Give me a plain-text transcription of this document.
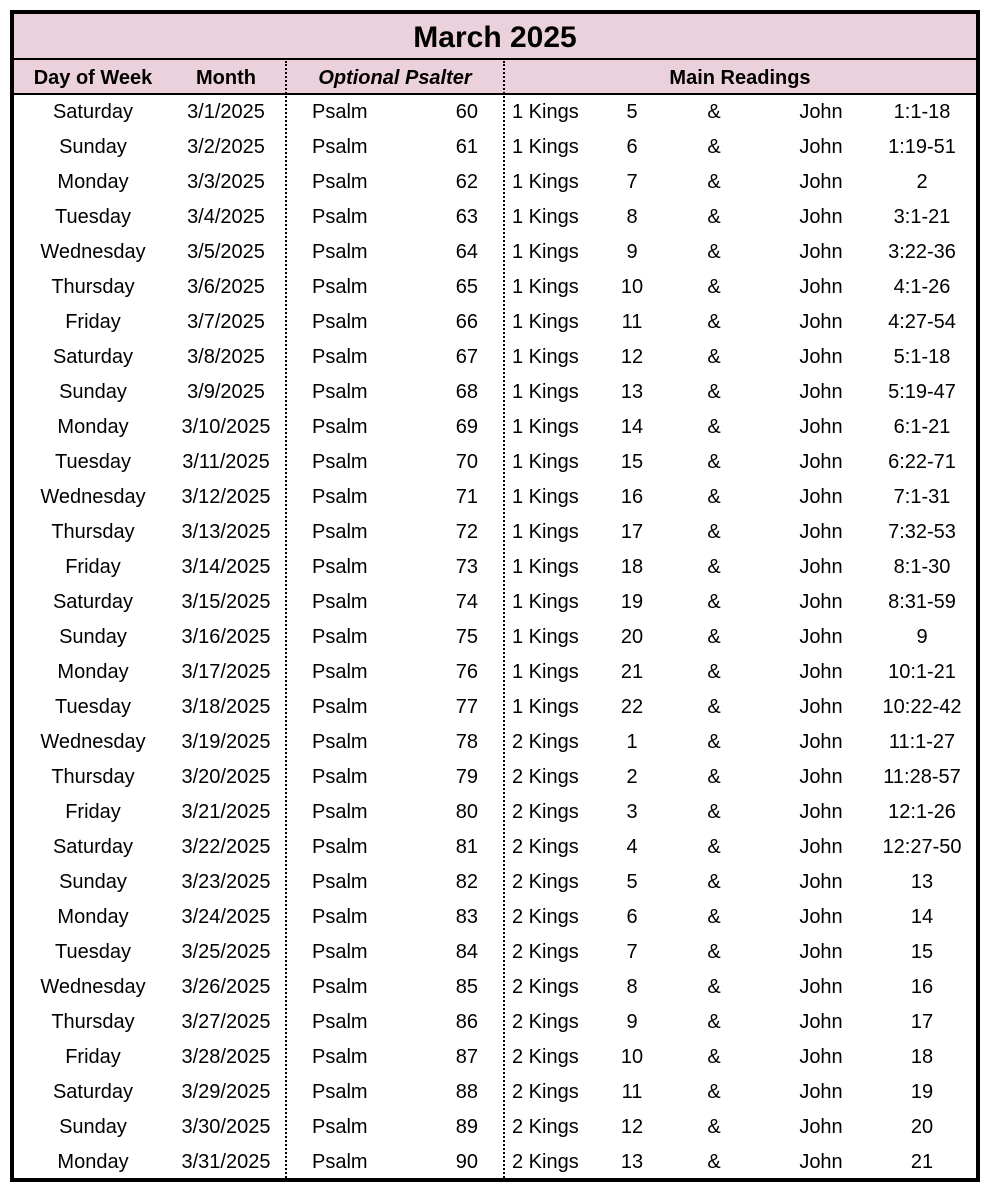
March 2025
Day of Week	Month	Optional Psalter	Main Readings
Saturday	3/1/2025	Psalm	60 1 Kings	5	&	John	1:1-18
Sunday	3/2/2025	Psalm	61 1 Kings	6	&	John	1:19-51
Monday	3/3/2025	Psalm	62 1 Kings	7	&	John	2
Tuesday	3/4/2025	Psalm	63 1 Kings	8	&	John	3:1-21
Wednesday	3/5/2025	Psalm	64 1 Kings	9	&	John	3:22-36
Thursday	3/6/2025	Psalm	65 1 Kings	10	&	John	4:1-26
Friday	3/7/2025	Psalm	66 1 Kings	11	&	John	4:27-54
Saturday	3/8/2025	Psalm	67 1 Kings	12	&	John	5:1-18
Sunday	3/9/2025	Psalm	68 1 Kings	13	&	John	5:19-47
Monday	3/10/2025	Psalm	69 1 Kings	14	&	John	6:1-21
Tuesday	3/11/2025	Psalm	70 1 Kings	15	&	John	6:22-71
Wednesday	3/12/2025	Psalm	71 1 Kings	16	&	John	7:1-31
Thursday	3/13/2025	Psalm	72 1 Kings	17	&	John	7:32-53
Friday	3/14/2025	Psalm	73 1 Kings	18	&	John	8:1-30
Saturday	3/15/2025	Psalm	74 1 Kings	19	&	John	8:31-59
Sunday	3/16/2025	Psalm	75 1 Kings	20	&	John	9
Monday	3/17/2025	Psalm	76 1 Kings	21	&	John	10:1-21
Tuesday	3/18/2025	Psalm	77 1 Kings	22	&	John	10:22-42
Wednesday	3/19/2025	Psalm	78 2 Kings	1	&	John	11:1-27
Thursday	3/20/2025	Psalm	79 2 Kings	2	&	John	11:28-57
Friday	3/21/2025	Psalm	80 2 Kings	3	&	John	12:1-26
Saturday	3/22/2025	Psalm	81 2 Kings	4	&	John	12:27-50
Sunday	3/23/2025	Psalm	82 2 Kings	5	&	John	13
Monday	3/24/2025	Psalm	83 2 Kings	6	&	John	14
Tuesday	3/25/2025	Psalm	84 2 Kings	7	&	John	15
Wednesday	3/26/2025	Psalm	85 2 Kings	8	&	John	16
Thursday	3/27/2025	Psalm	86 2 Kings	9	&	John	17
Friday	3/28/2025	Psalm	87 2 Kings	10	&	John	18
Saturday	3/29/2025	Psalm	88 2 Kings	11	&	John	19
Sunday	3/30/2025	Psalm	89 2 Kings	12	&	John	20
Monday	3/31/2025	Psalm	90 2 Kings	13	&	John	21
